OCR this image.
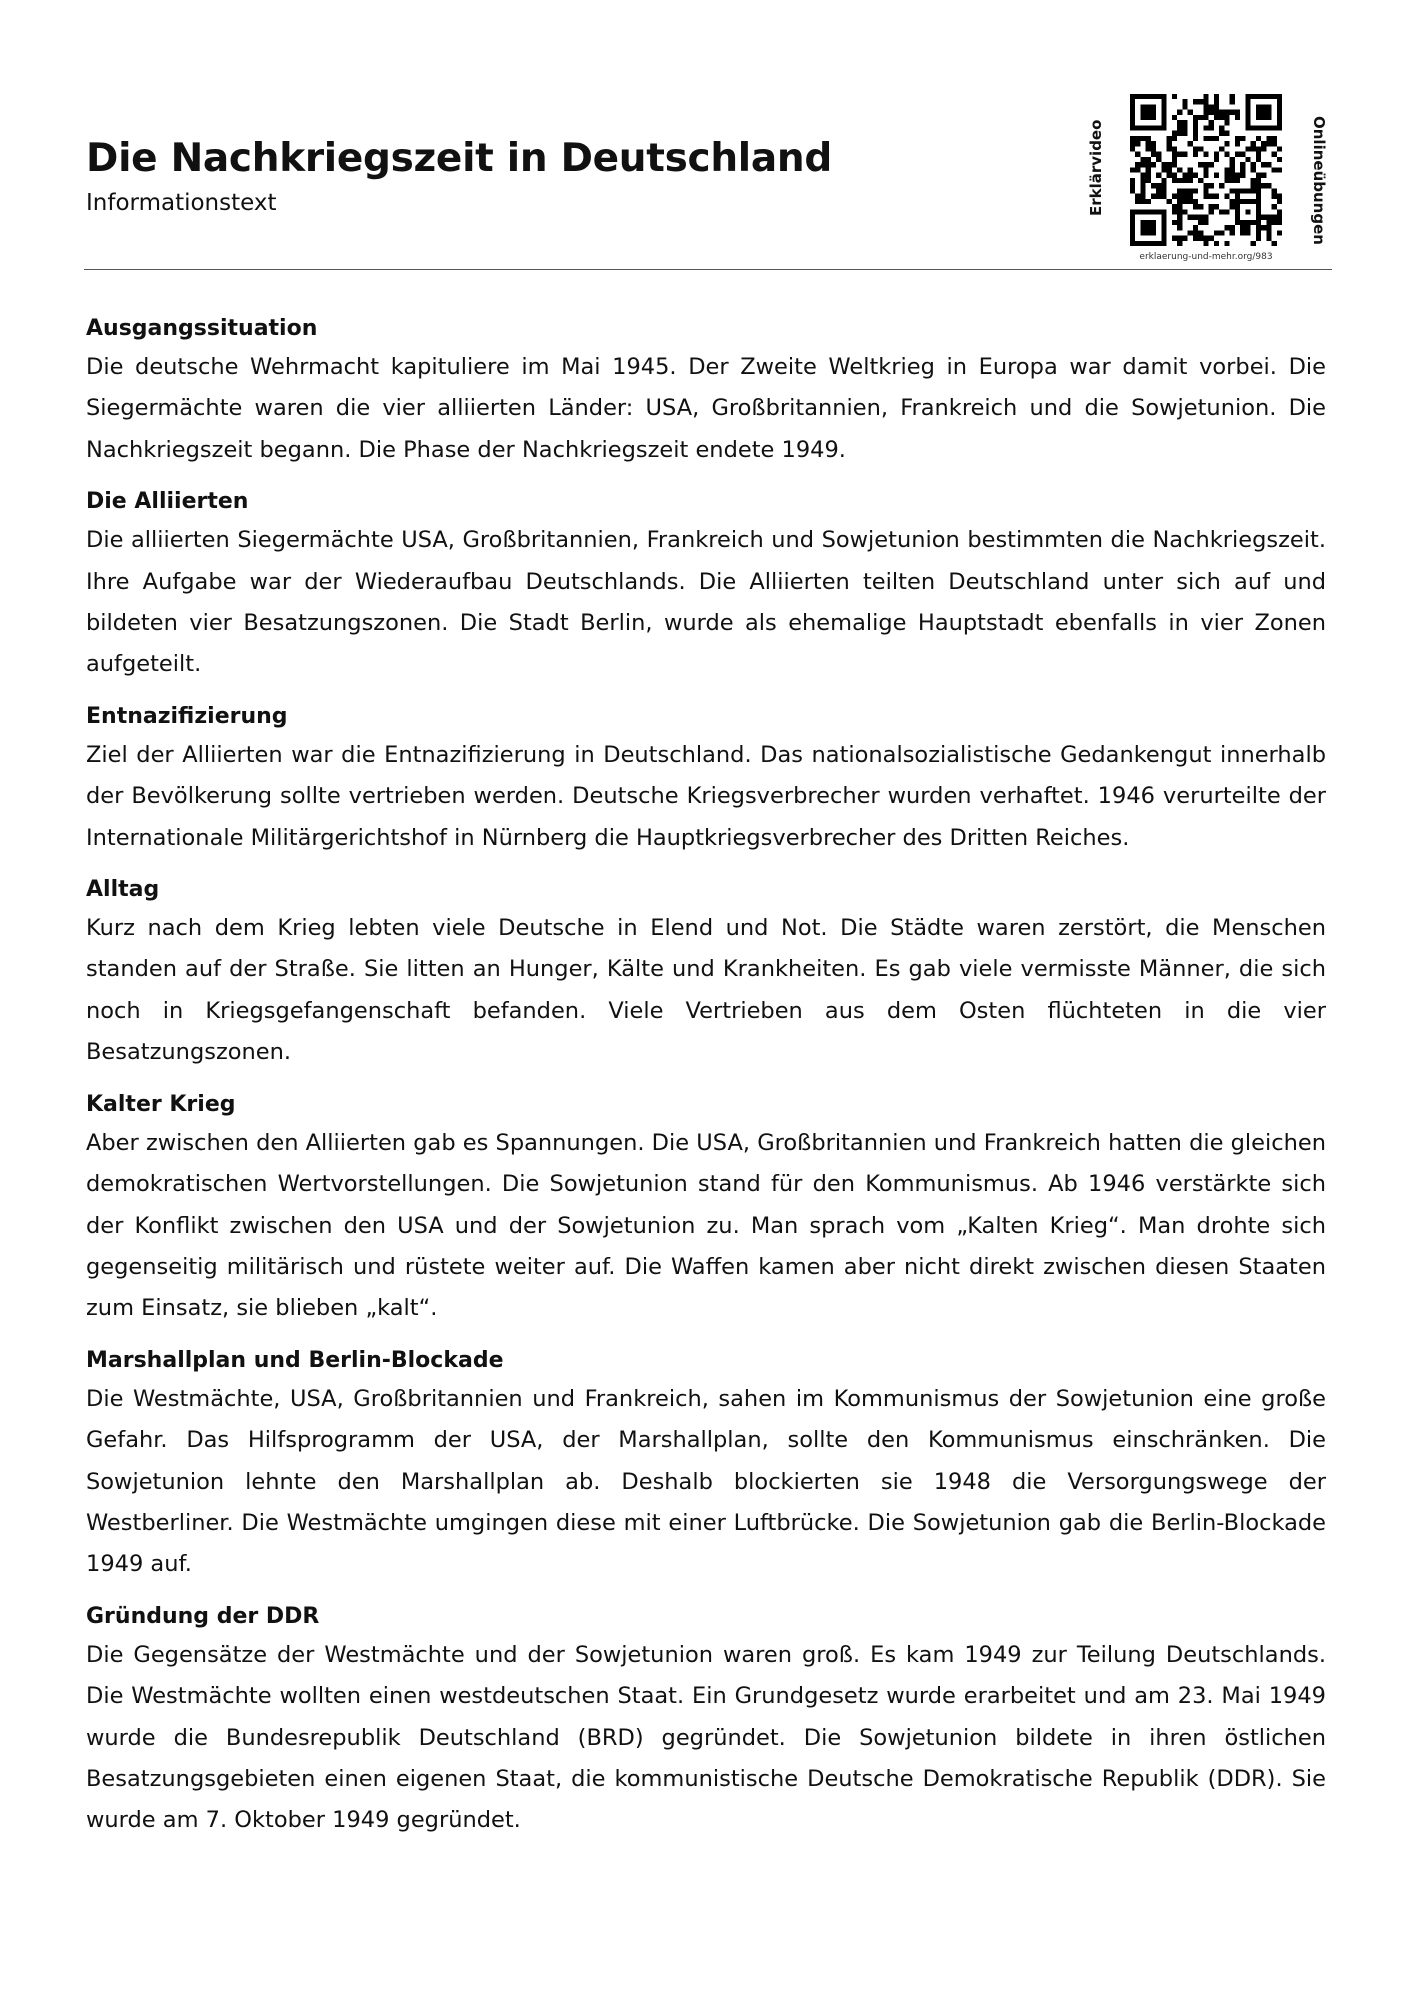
Die Nachkriegszeit in Deutschland
Informationstext	Erklärvideo	Onlineübungen
erklaerung-und-mehr.org/983
Ausgangssituation

Die deutsche Wehrmacht kapituliere im Mai 1945. Der Zweite Weltkrieg in Europa war damit vorbei. Die Siegermächte waren die vier alliierten Länder: USA, Großbritannien, Frankreich und die Sowjetunion. Die Nachkriegszeit begann. Die Phase der Nachkriegszeit endete 1949.

Die Alliierten

Die alliierten Siegermächte USA, Großbritannien, Frankreich und Sowjetunion bestimmten die Nachkriegszeit. Ihre Aufgabe war der Wiederaufbau Deutschlands. Die Alliierten teilten Deutschland unter sich auf und bildeten vier Besatzungszonen. Die Stadt Berlin, wurde als ehemalige Hauptstadt ebenfalls in vier Zonen aufgeteilt.

Entnazifizierung

Ziel der Alliierten war die Entnazifizierung in Deutschland. Das nationalsozialistische Gedankengut innerhalb der Bevölkerung sollte vertrieben werden. Deutsche Kriegsverbrecher wurden verhaftet. 1946 verurteilte der Internationale Militärgerichtshof in Nürnberg die Hauptkriegsverbrecher des Dritten Reiches.

Alltag

Kurz nach dem Krieg lebten viele Deutsche in Elend und Not. Die Städte waren zerstört, die Menschen standen auf der Straße. Sie litten an Hunger, Kälte und Krankheiten. Es gab viele vermisste Männer, die sich noch in Kriegsgefangenschaft befanden. Viele Vertrieben aus dem Osten flüchteten in die vier Besatzungszonen.

Kalter Krieg

Aber zwischen den Alliierten gab es Spannungen. Die USA, Großbritannien und Frankreich hatten die gleichen demokratischen Wertvorstellungen. Die Sowjetunion stand für den Kommunismus. Ab 1946 verstärkte sich der Konflikt zwischen den USA und der Sowjetunion zu. Man sprach vom „Kalten Krieg“. Man drohte sich gegenseitig militärisch und rüstete weiter auf. Die Waffen kamen aber nicht direkt zwischen diesen Staaten zum Einsatz, sie blieben „kalt“.

Marshallplan und Berlin-Blockade

Die Westmächte, USA, Großbritannien und Frankreich, sahen im Kommunismus der Sowjetunion eine große Gefahr. Das Hilfsprogramm der USA, der Marshallplan, sollte den Kommunismus einschränken. Die Sowjetunion lehnte den Marshallplan ab. Deshalb blockierten sie 1948 die Versorgungswege der Westberliner. Die Westmächte umgingen diese mit einer Luftbrücke. Die Sowjetunion gab die Berlin-Blockade 1949 auf.

Gründung der DDR

Die Gegensätze der Westmächte und der Sowjetunion waren groß. Es kam 1949 zur Teilung Deutschlands. Die Westmächte wollten einen westdeutschen Staat. Ein Grundgesetz wurde erarbeitet und am 23. Mai 1949 wurde die Bundesrepublik Deutschland (BRD) gegründet. Die Sowjetunion bildete in ihren östlichen Besatzungsgebieten einen eigenen Staat, die kommunistische Deutsche Demokratische Republik (DDR). Sie wurde am 7. Oktober 1949 gegründet.
